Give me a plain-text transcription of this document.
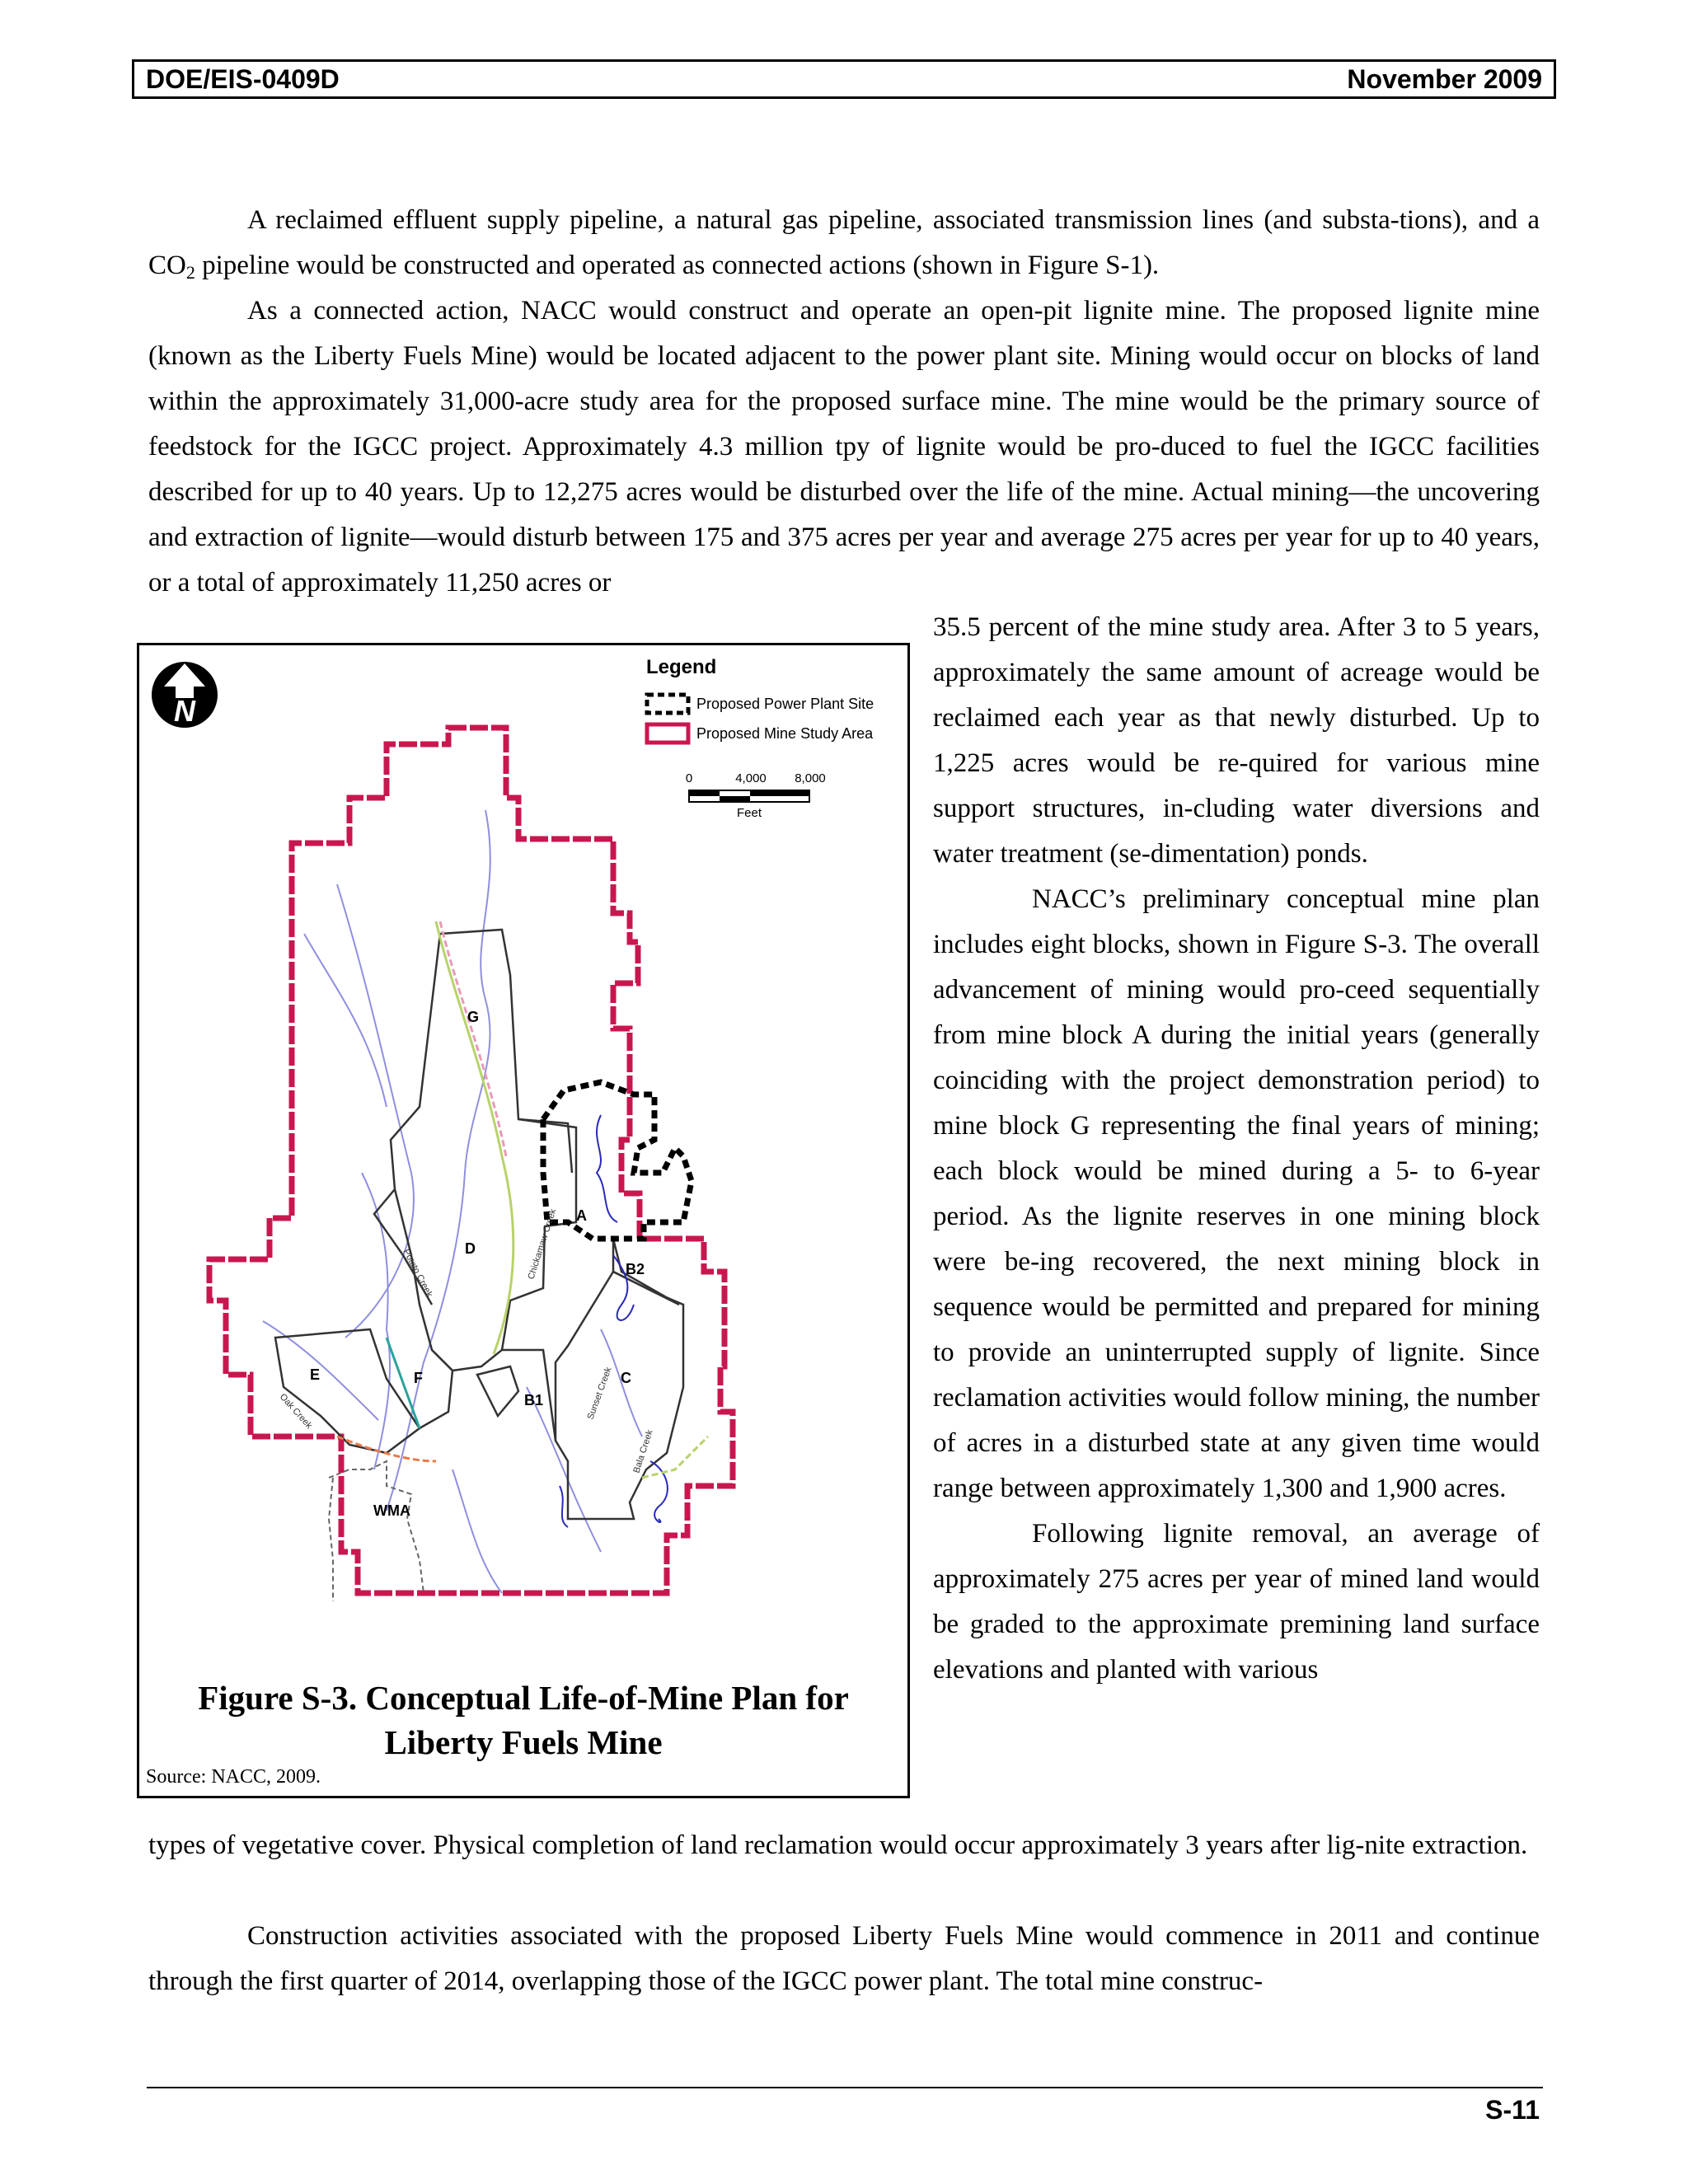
DOE/EIS-0409D	November 2009
A reclaimed effluent supply pipeline, a natural gas pipeline, associated transmission lines (and substa-tions), and a $CO_2$ pipeline would be constructed and operated as connected actions (shown in Figure S-1).
As a connected action, NACC would construct and operate an open-pit lignite mine. The proposed lignite mine (known as the Liberty Fuels Mine) would be located adjacent to the power plant site. Mining would occur on blocks of land within the approximately 31,000-acre study area for the proposed surface mine. The mine would be the primary source of feedstock for the IGCC project. Approximately 4.3 million tpy of lignite would be pro-duced to fuel the IGCC facilities described for up to 40 years. Up to 12,275 acres would be disturbed over the life of the mine. Actual mining—the uncovering and extraction of lignite—would disturb between 175 and 375 acres per year and average 275 acres per year for up to 40 years, or a total of approximately 11,250 acres or

35.5 percent of the mine study area. After 3 to 5 years, approximately the same amount of acreage would be reclaimed each year as that newly disturbed. Up to 1,225 acres would be re-quired for various mine support structures, in-cluding water diversions and water treatment (se-dimentation) ponds.

NACC’s preliminary conceptual mine plan includes eight blocks, shown in Figure S-3. The overall advancement of mining would pro-ceed sequentially from mine block A during the initial years (generally coinciding with the project demonstration period) to mine block G representing the final years of mining; each block would be mined during a 5- to 6-year period. As the lignite reserves in one mining block were be-ing recovered, the next mining block in sequence would be permitted and prepared for mining to provide an uninterrupted supply of lignite. Since reclamation activities would follow mining, the number of acres in a disturbed state at any given time would range between approximately 1,300 and 1,900 acres.

Following lignite removal, an average of approximately 275 acres per year of mined land would be graded to the approximate premining land surface elevations and planted with various

types of vegetative cover. Physical completion of land reclamation would occur approximately 3 years after lig-nite extraction.
Construction activities associated with the proposed Liberty Fuels Mine would commence in 2011 and continue through the first quarter of 2014, overlapping those of the IGCC power plant. The total mine construc-
N
Legend
Proposed Power Plant Site
Proposed Mine Study Area
0	4,000 8,000
Feet
G
A
D
B2
E	F	C
B1
WMA
Chickamaw Creek
Potato Creek
Sunset Creek
Bala Creek
Oak Creek
Figure S-3. Conceptual Life-of-Mine Plan for
Liberty Fuels Mine
Source: NACC, 2009.
S-11
